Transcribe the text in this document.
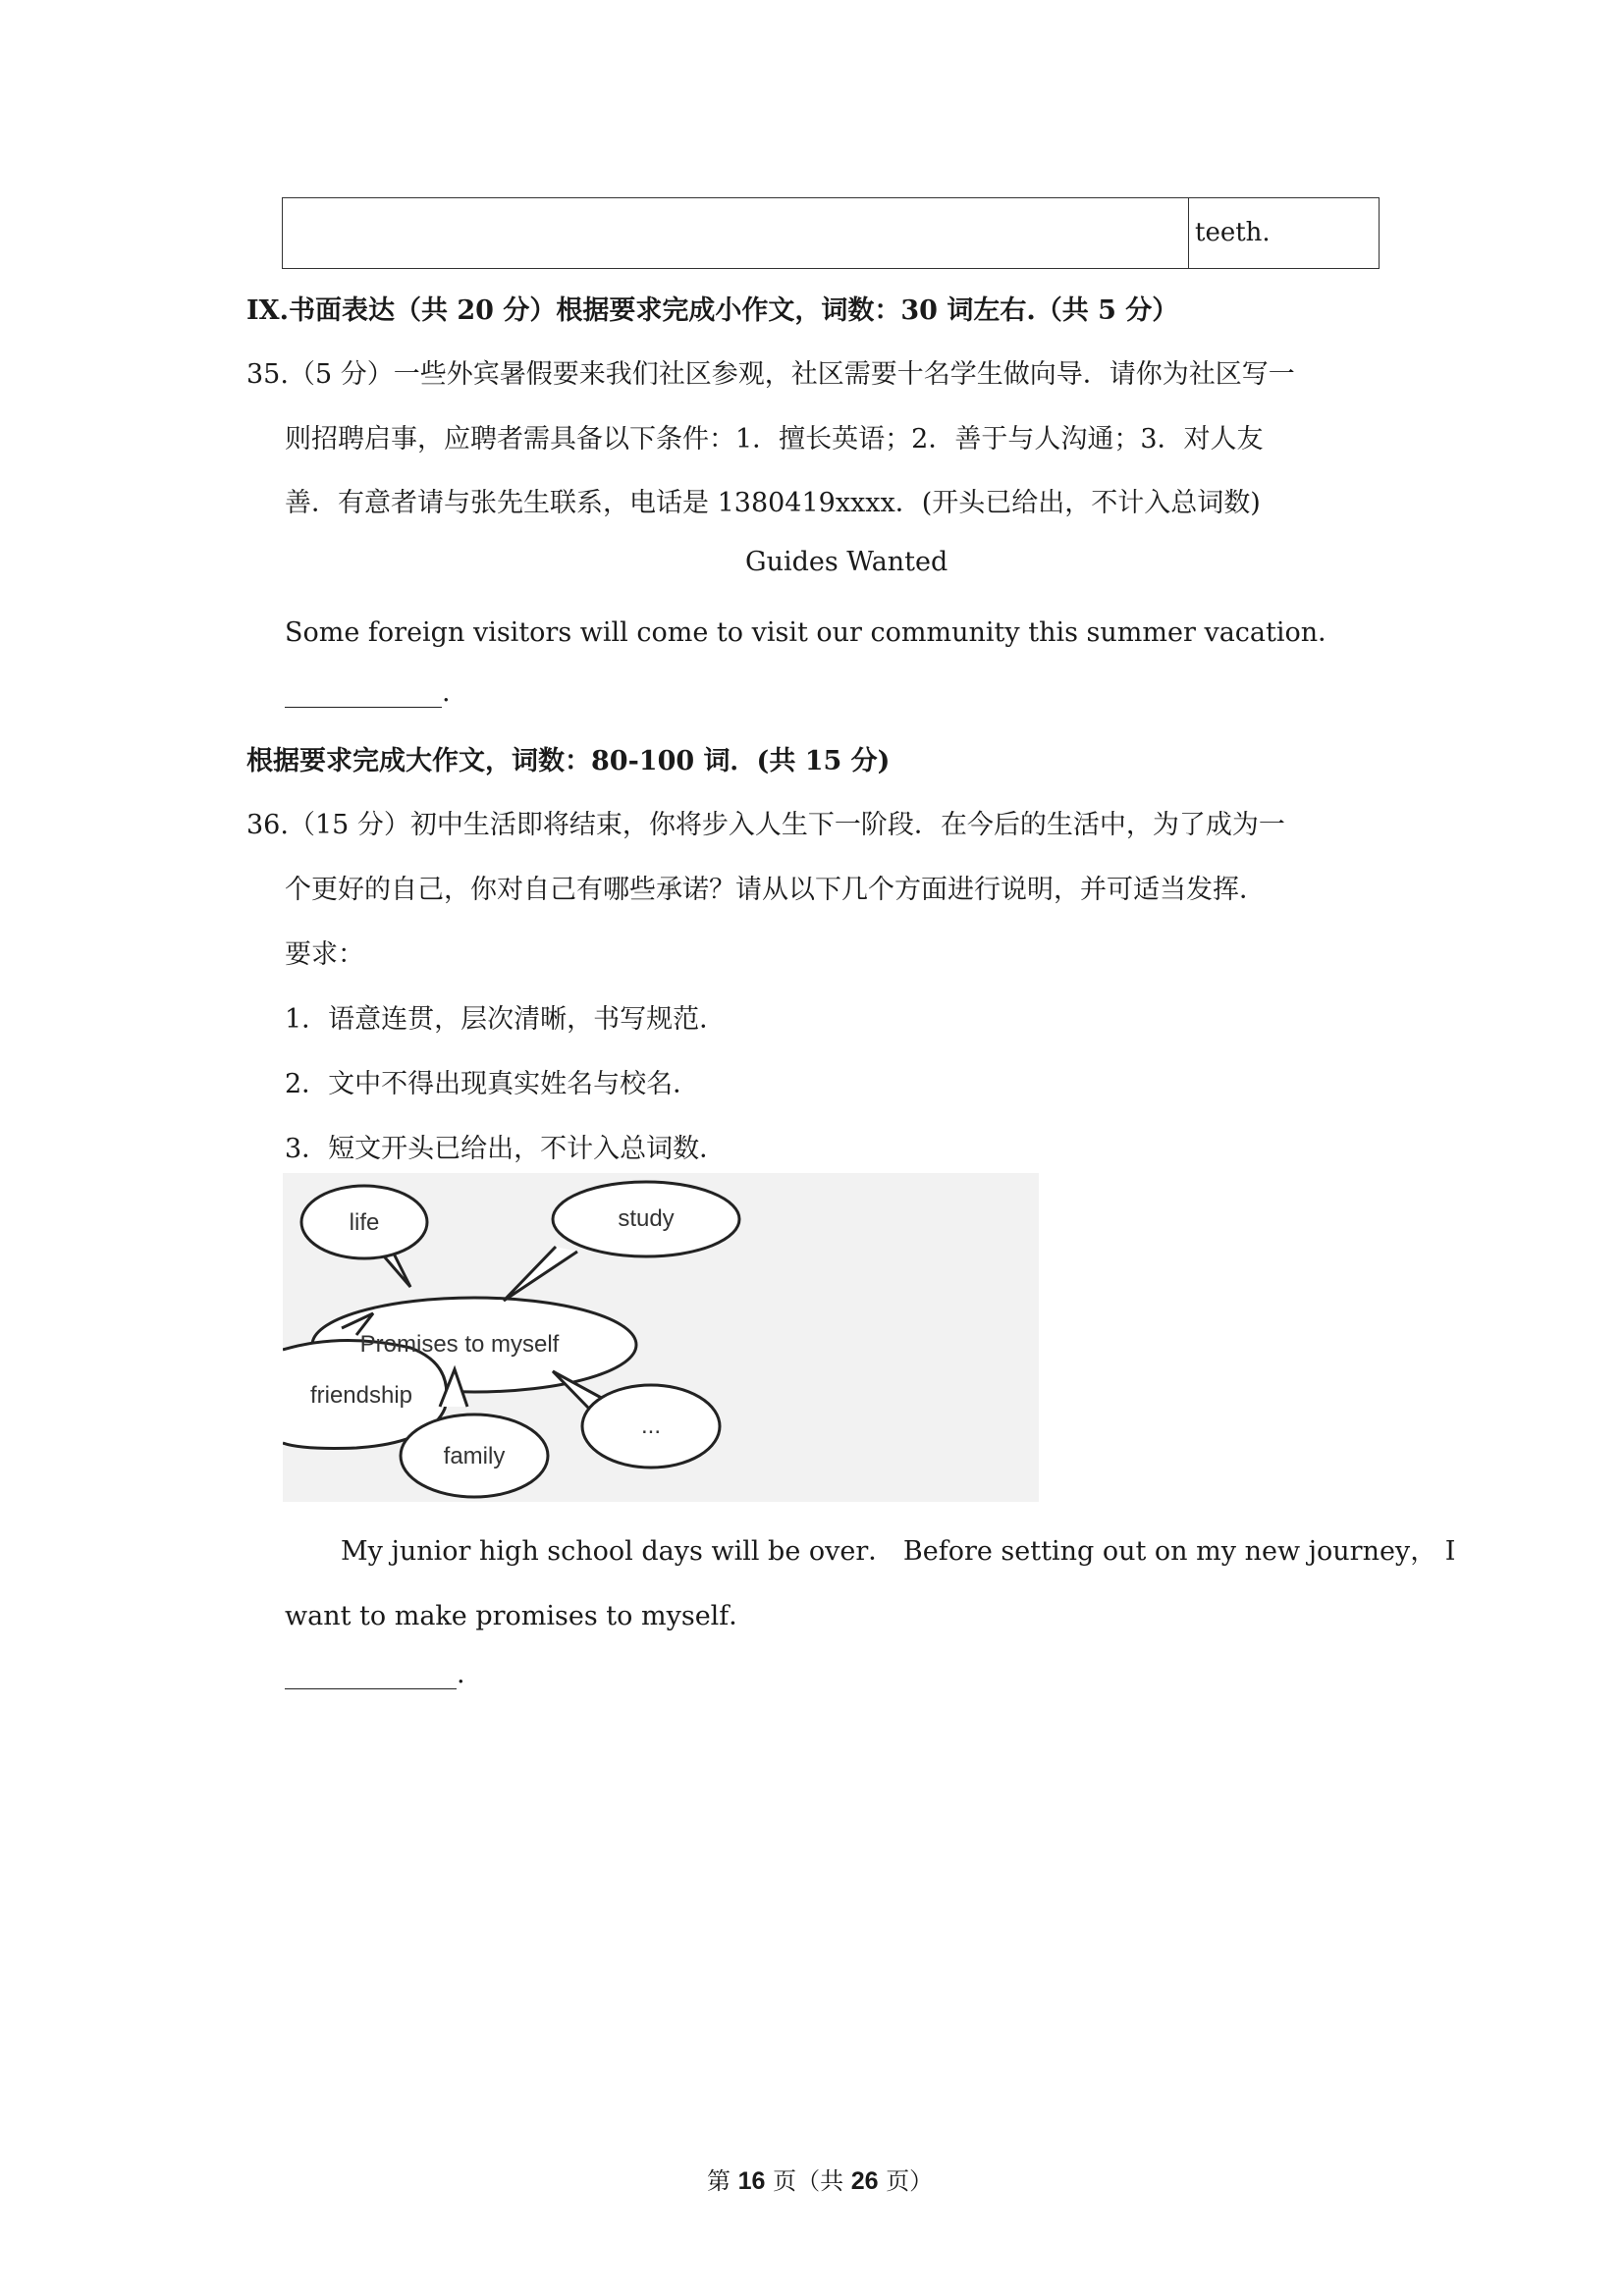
teeth.
IX.书面表达（共 20 分）根据要求完成小作文，词数：30 词左右.（共 5 分）
35.（5 分）一些外宾暑假要来我们社区参观，社区需要十名学生做向导．请你为社区写一
则招聘启事，应聘者需具备以下条件：1．擅长英语；2．善于与人沟通；3．对人友
善．有意者请与张先生联系，电话是 1380419xxxx．(开头已给出，不计入总词数)
Guides Wanted
Some foreign visitors will come to visit our community this summer vacation．
.
根据要求完成大作文，词数：80-100 词．(共 15 分)
36.（15 分）初中生活即将结束，你将步入人生下一阶段．在今后的生活中，为了成为一
个更好的自己，你对自己有哪些承诺？请从以下几个方面进行说明，并可适当发挥．
要求：
1．语意连贯，层次清晰，书写规范．
2．文中不得出现真实姓名与校名．
3．短文开头已给出，不计入总词数．
Promises to myself
life	study
friendship
family
...
My junior high school days will be over． Before setting out on my new journey， I
want to make promises to myself．
.
第 16 页（共 26 页）
